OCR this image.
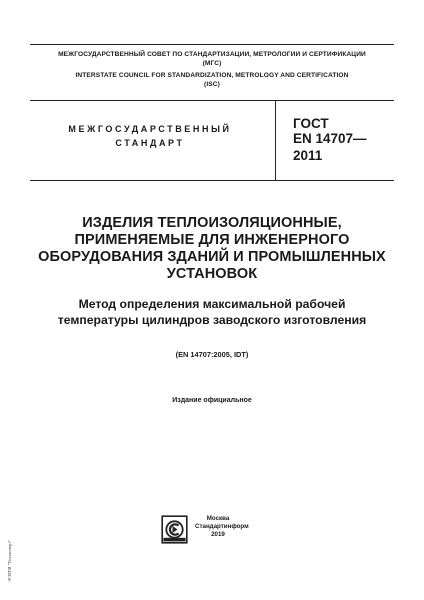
МЕЖГОСУДАРСТВЕННЫЙ СОВЕТ ПО СТАНДАРТИЗАЦИИ, МЕТРОЛОГИИ И СЕРТИФИКАЦИИ
(МГС)
INTERSTATE COUNCIL FOR STANDARDIZATION, METROLOGY AND CERTIFICATION
(ISC)
МЕЖГОСУДАРСТВЕННЫЙ
СТАНДАРТ
ГОСТ
EN 14707—
2011
ИЗДЕЛИЯ ТЕПЛОИЗОЛЯЦИОННЫЕ,
ПРИМЕНЯЕМЫЕ ДЛЯ ИНЖЕНЕРНОГО
ОБОРУДОВАНИЯ ЗДАНИЙ И ПРОМЫШЛЕННЫХ
УСТАНОВОК
Метод определения максимальной рабочей
температуры цилиндров заводского изготовления
(EN 14707:2005, IDT)
Издание официальное
Москва
Стандартинформ
2019
ЭСНТИ "Техэксперт"
